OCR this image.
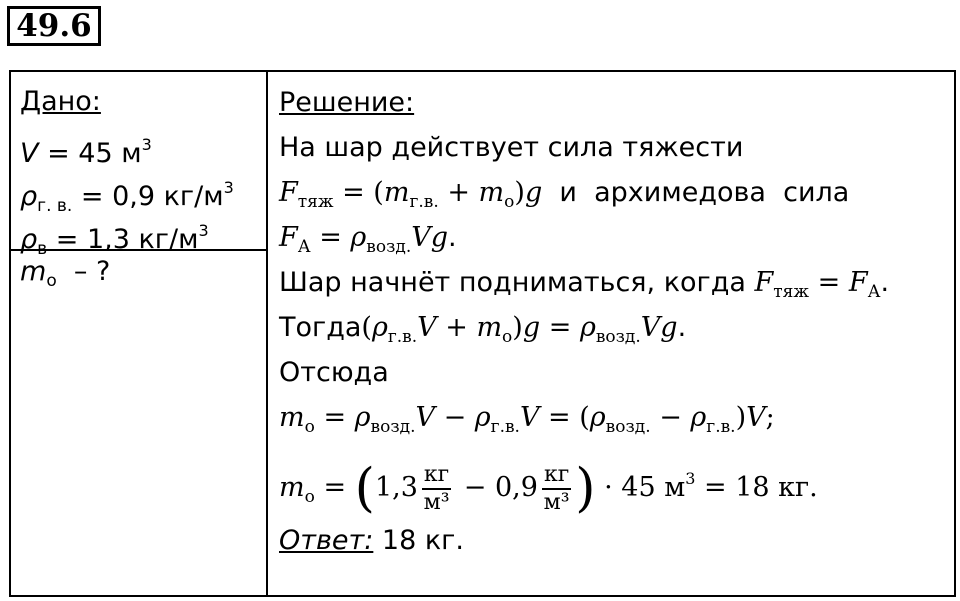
49.6
Дано:
V = 45 $м^3$
$\rho_{г. в.} = 0,9$ $кг/м^3$
$\rho_в = 1,3$ $кг/м^3$
$m_о$  – ?
Решение:
На шар действует сила тяжести
$F_{тяж} = (m_{г.в.} + m_о)g$  и  архимедова  сила
$F_А = \rho_{возд.}Vg$.
Шар начнёт подниматься, когда $F_{тяж} = F_А$.
$Тогда(\rho_{г.в.}V + m_о)g = \rho_{возд.}Vg$.
Отсюда
$m_о = \rho_{возд.}V - \rho_{г.в.}V = (\rho_{возд.} - \rho_{г.в.})V$;
$m_о = (1,3 \frac{кг}{\text{м³}} - 0,9 \frac{кг}{\text{м³}}$ ) · 45 $м^3 = 18$ кг.
Ответ: 18 кг.
